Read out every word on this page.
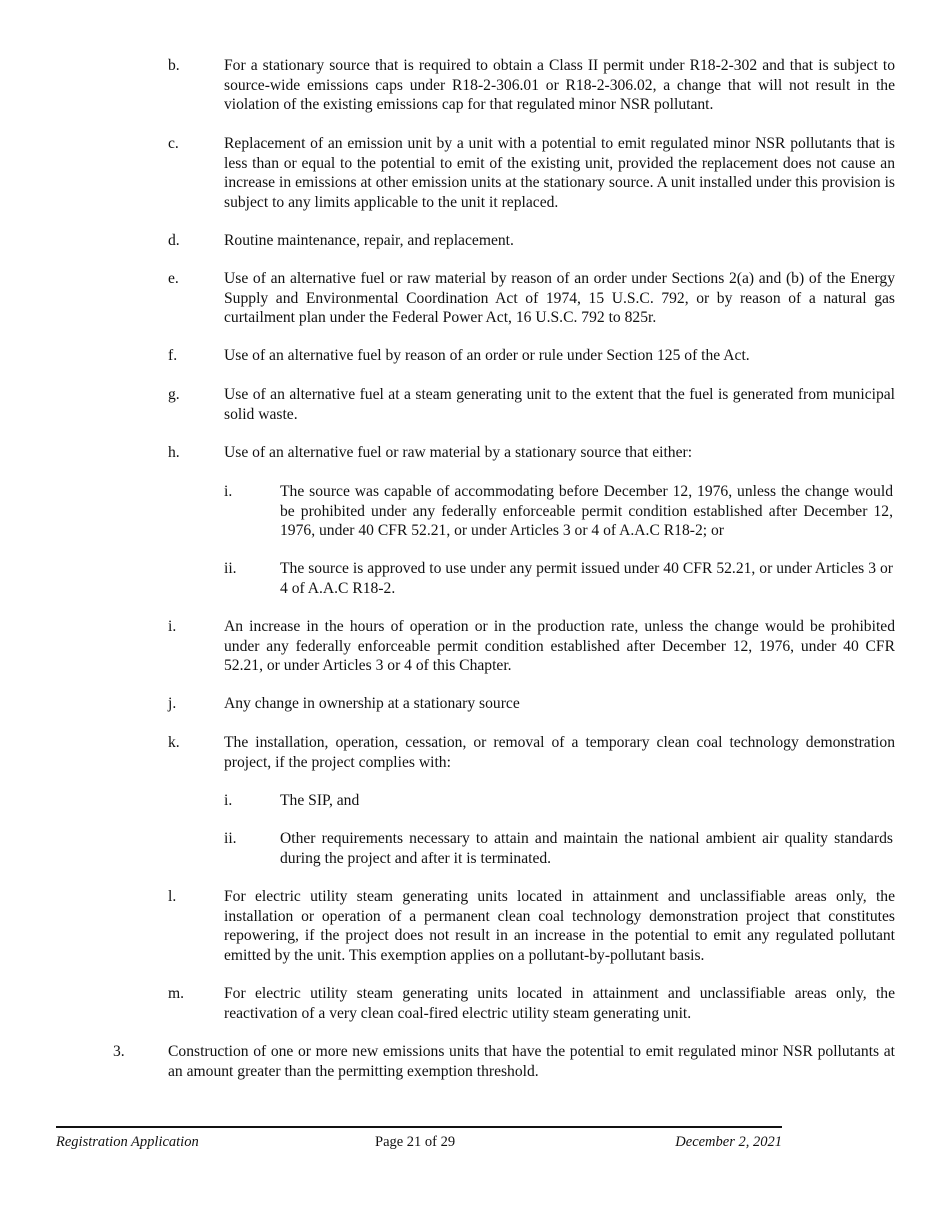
b.	For a stationary source that is required to obtain a Class II permit under R18-2-302 and that is subject to source-wide emissions caps under R18-2-306.01 or R18-2-306.02, a change that will not result in the violation of the existing emissions cap for that regulated minor NSR pollutant.
c.	Replacement of an emission unit by a unit with a potential to emit regulated minor NSR pollutants that is less than or equal to the potential to emit of the existing unit, provided the replacement does not cause an increase in emissions at other emission units at the stationary source. A unit installed under this provision is subject to any limits applicable to the unit it replaced.
d.	Routine maintenance, repair, and replacement.
e.	Use of an alternative fuel or raw material by reason of an order under Sections 2(a) and (b) of the Energy Supply and Environmental Coordination Act of 1974, 15 U.S.C. 792, or by reason of a natural gas curtailment plan under the Federal Power Act, 16 U.S.C. 792 to 825r.
f.	Use of an alternative fuel by reason of an order or rule under Section 125 of the Act.
g.	Use of an alternative fuel at a steam generating unit to the extent that the fuel is generated from municipal solid waste.
h.	Use of an alternative fuel or raw material by a stationary source that either:
i.	The source was capable of accommodating before December 12, 1976, unless the change would be prohibited under any federally enforceable permit condition established after December 12, 1976, under 40 CFR 52.21, or under Articles 3 or 4 of A.A.C R18-2; or
ii.	The source is approved to use under any permit issued under 40 CFR 52.21, or under Articles 3 or 4 of A.A.C R18-2.
i.	An increase in the hours of operation or in the production rate, unless the change would be prohibited under any federally enforceable permit condition established after December 12, 1976, under 40 CFR 52.21, or under Articles 3 or 4 of this Chapter.
j.	Any change in ownership at a stationary source
k.	The installation, operation, cessation, or removal of a temporary clean coal technology demonstration project, if the project complies with:
i.	The SIP, and
ii.	Other requirements necessary to attain and maintain the national ambient air quality standards during the project and after it is terminated.
l.	For electric utility steam generating units located in attainment and unclassifiable areas only, the installation or operation of a permanent clean coal technology demonstration project that constitutes repowering, if the project does not result in an increase in the potential to emit any regulated pollutant emitted by the unit. This exemption applies on a pollutant-by-pollutant basis.
m.	For electric utility steam generating units located in attainment and unclassifiable areas only, the reactivation of a very clean coal-fired electric utility steam generating unit.
3.	Construction of one or more new emissions units that have the potential to emit regulated minor NSR pollutants at an amount greater than the permitting exemption threshold.
Registration Application	Page 21 of 29	December 2, 2021
